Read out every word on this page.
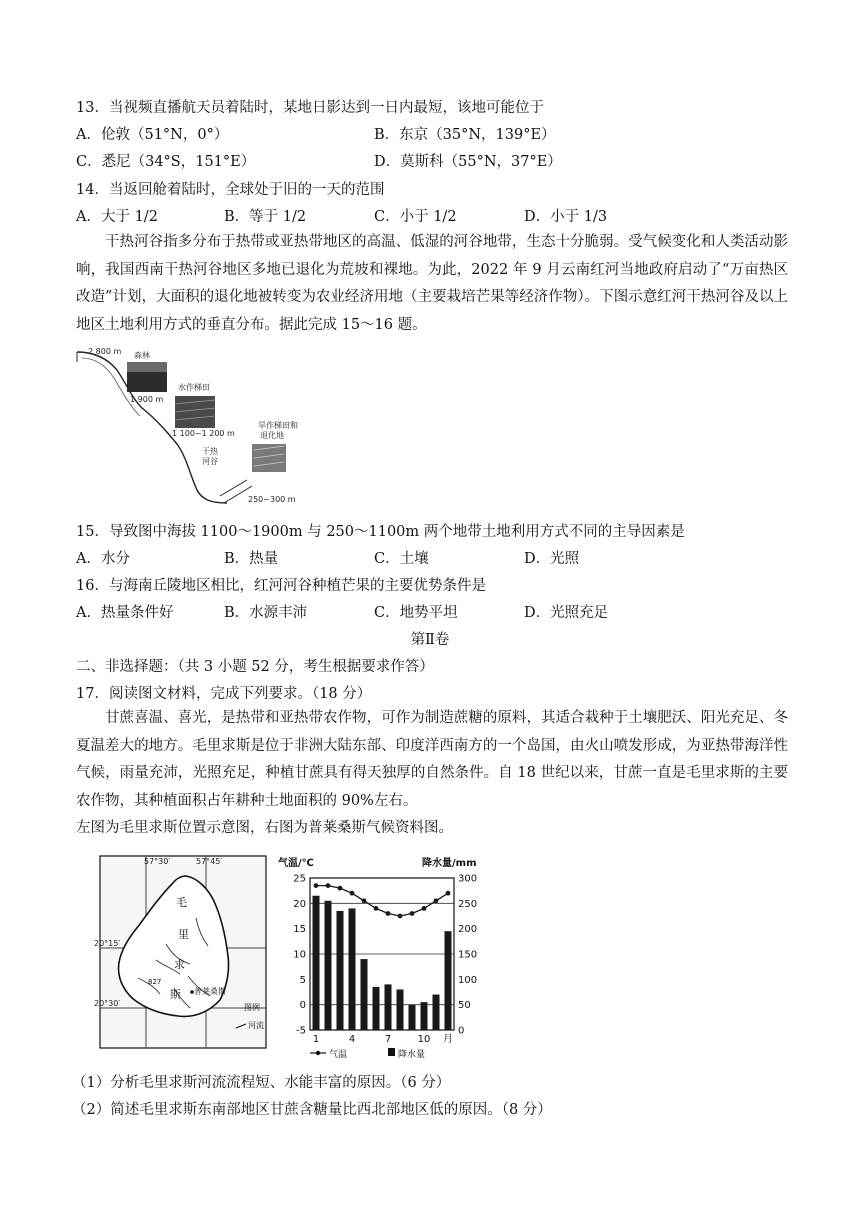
13．当视频直播航天员着陆时，某地日影达到一日内最短，该地可能位于
A．伦敦（51°N，0°）	B．东京（35°N，139°E）
C．悉尼（34°S，151°E）	D．莫斯科（55°N，37°E）
14．当返回舱着陆时，全球处于旧的一天的范围
A．大于 1/2	B．等于 1/2	C．小于 1/2	D．小于 1/3
干热河谷指多分布于热带或亚热带地区的高温、低湿的河谷地带，生态十分脆弱。受气候变化和人类活动影响，我国西南干热河谷地区多地已退化为荒坡和裸地。为此，2022 年 9 月云南红河当地政府启动了“万亩热区改造”计划，大面积的退化地被转变为农业经济用地（主要栽培芒果等经济作物）。下图示意红河干热河谷及以上地区土地利用方式的垂直分布。据此完成 15～16 题。
2 800 m 森林
水作梯田
1 900 m
旱作梯田和
退化地
1 100~1 200 m
干热
河谷
250~300 m
15．导致图中海拔 1100～1900m 与 250～1100m 两个地带土地利用方式不同的主导因素是
A．水分	B．热量	C．土壤	D．光照
16．与海南丘陵地区相比，红河河谷种植芒果的主要优势条件是
A．热量条件好	B．水源丰沛	C．地势平坦	D．光照充足
第Ⅱ卷
二、非选择题：（共 3 小题 52 分，考生根据要求作答）
17．阅读图文材料，完成下列要求。（18 分）
甘蔗喜温、喜光，是热带和亚热带农作物，可作为制造蔗糖的原料，其适合栽种于土壤肥沃、阳光充足、冬夏温差大的地方。毛里求斯是位于非洲大陆东部、印度洋西南方的一个岛国，由火山喷发形成，为亚热带海洋性气候，雨量充沛，光照充足，种植甘蔗具有得天独厚的自然条件。自 18 世纪以来，甘蔗一直是毛里求斯的主要农作物，其种植面积占年耕种土地面积的 90%左右。
左图为毛里求斯位置示意图，右图为普莱桑斯气候资料图。
57°30′	57°45′
20°15′
20°30′
毛
里
求
斯
827
普莱桑斯
图例
河流
气温/℃	降水量/mm
25
20
15
10
5
0
-5
300
250
200
150
100
50
0
1	4	7	10 月
气温	降水量
（1）分析毛里求斯河流流程短、水能丰富的原因。（6 分）
（2）简述毛里求斯东南部地区甘蔗含糖量比西北部地区低的原因。（8 分）
